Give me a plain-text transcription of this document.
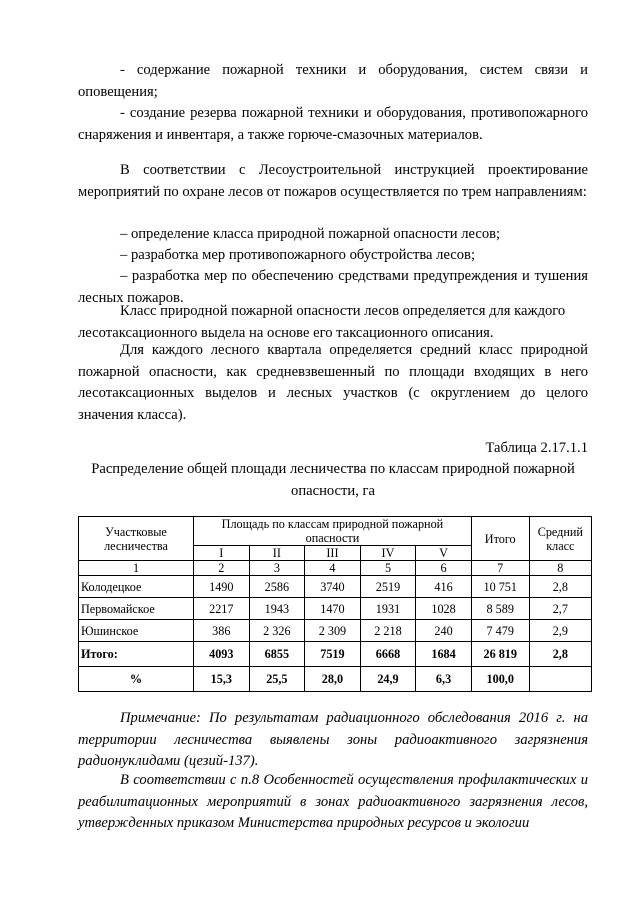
- содержание пожарной техники и оборудования, систем связи и оповещения;

- создание резерва пожарной техники и оборудования, противопожарного снаряжения и инвентаря, а также горюче-смазочных материалов.

В соответствии с Лесоустроительной инструкцией проектирование мероприятий по охране лесов от пожаров осуществляется по трем направлениям:

– определение класса природной пожарной опасности лесов;

– разработка мер противопожарного обустройства лесов;

– разработка мер по обеспечению средствами предупреждения и тушения лесных пожаров.

Класс природной пожарной опасности лесов определяется для каждого лесотаксационного выдела на основе его таксационного описания.

Для каждого лесного квартала определяется средний класс природной пожарной опасности, как средневзвешенный по площади входящих в него лесотаксационных выделов и лесных участков (с округлением до целого значения класса).

Таблица 2.17.1.1

Распределение общей площади лесничества по классам природной пожарной опасности, га

Участковые лесничества	Площадь по классам природной пожарной опасности					Итого	Средний класс
	I	II	III	IV	V		
1	2	3	4	5	6	7	8
Колодецкое	1490	2586	3740	2519	416	10 751	2,8
Первомайское	2217	1943	1470	1931	1028	8 589	2,7
Юшинское	386	2 326	2 309	2 218	240	7 479	2,9
Итого:	4093	6855	7519	6668	1684	26 819	2,8
%	15,3	25,5	28,0	24,9	6,3	100,0	

Примечание: По результатам радиационного обследования 2016 г. на территории лесничества выявлены зоны радиоактивного загрязнения радионуклидами (цезий-137).

В соответствии с п.8 Особенностей осуществления профилактических и реабилитационных мероприятий в зонах радиоактивного загрязнения лесов, утвержденных приказом Министерства природных ресурсов и экологии
